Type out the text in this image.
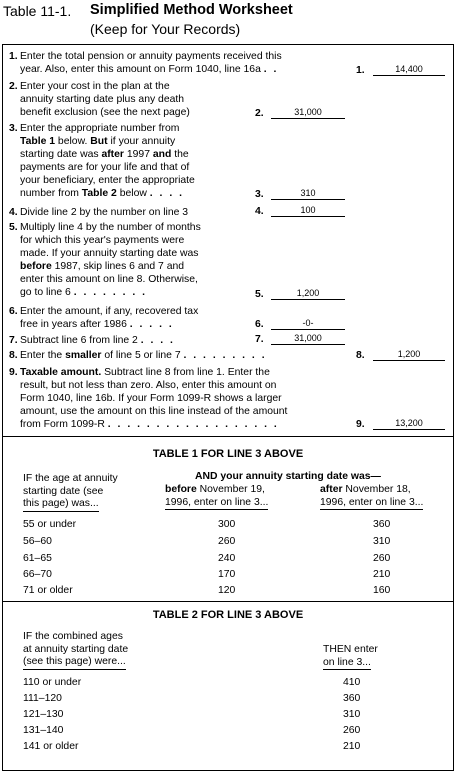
Table 11-1. Simplified Method Worksheet
(Keep for Your Records)
1. Enter the total pension or annuity payments received this
year. Also, enter this amount on Form 1040, line 16a . .	1.	14,400
2. Enter your cost in the plan at the
annuity starting date plus any death
benefit exclusion (see the next page)	2.	31,000
3. Enter the appropriate number from
Table 1 below. But if your annuity
starting date was after 1997 and the
payments are for your life and that of
your beneficiary, enter the appropriate
number from Table 2 below . . . .	3.	310
4. Divide line 2 by the number on line 3	4.	100
5. Multiply line 4 by the number of months
for which this year's payments were
made. If your annuity starting date was
before 1987, skip lines 6 and 7 and
enter this amount on line 8. Otherwise,
go to line 6 . . . . . . . .	5.	1,200
6. Enter the amount, if any, recovered tax
free in years after 1986 . . . . .	6.	-0-
7. Subtract line 6 from line 2 . . . .	7.	31,000
8. Enter the smaller of line 5 or line 7 . . . . . . . . .	8.	1,200
9. Taxable amount. Subtract line 8 from line 1. Enter the
result, but not less than zero. Also, enter this amount on
Form 1040, line 16b. If your Form 1099-R shows a larger
amount, use the amount on this line instead of the amount
from Form 1099-R . . . . . . . . . . . . . . . . . .	9.	13,200
TABLE 1 FOR LINE 3 ABOVE
IF the age at annuity
starting date (see
this page) was...
AND your annuity starting date was—
before November 19,
1996, enter on line 3...
after November 18,
1996, enter on line 3...
55 or under	300	360
56–60	260	310
61–65	240	260
66–70	170	210
71 or older	120	160
TABLE 2 FOR LINE 3 ABOVE
IF the combined ages
at annuity starting date
(see this page) were...
THEN enter
on line 3...
110 or under	410
111–120	360
121–130	310
131–140	260
141 or older	210
